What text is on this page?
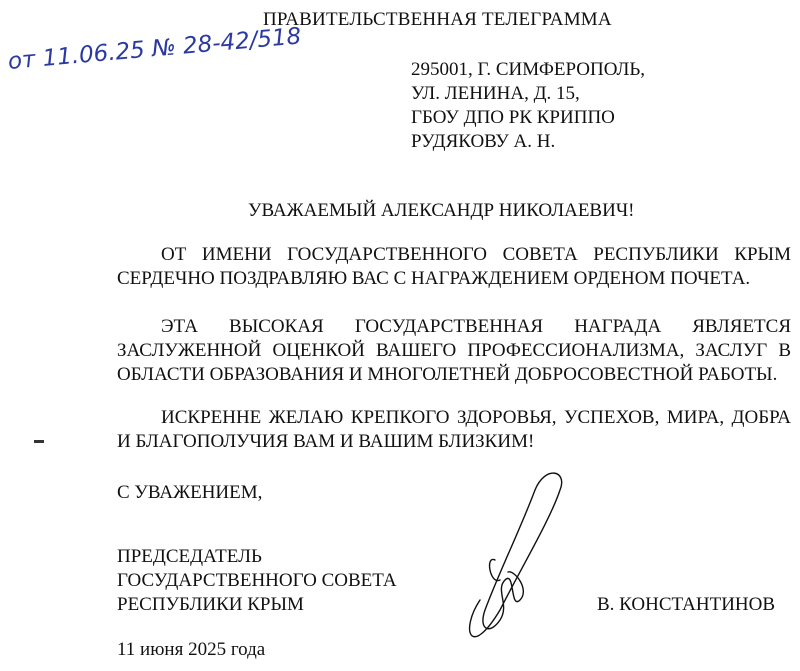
ПРАВИТЕЛЬСТВЕННАЯ ТЕЛЕГРАММА
от 11.06.25 № 28-42/518	295001, Г. СИМФЕРОПОЛЬ,
УЛ. ЛЕНИНА, Д. 15,
ГБОУ ДПО РК КРИППО
РУДЯКОВУ А. Н.
УВАЖАЕМЫЙ АЛЕКСАНДР НИКОЛАЕВИЧ!
ОТ ИМЕНИ ГОСУДАРСТВЕННОГО СОВЕТА РЕСПУБЛИКИ КРЫМ СЕРДЕЧНО ПОЗДРАВЛЯЮ ВАС С НАГРАЖДЕНИЕМ ОРДЕНОМ ПОЧЕТА.
ЭТА ВЫСОКАЯ ГОСУДАРСТВЕННАЯ НАГРАДА ЯВЛЯЕТСЯ ЗАСЛУЖЕННОЙ ОЦЕНКОЙ ВАШЕГО ПРОФЕССИОНАЛИЗМА, ЗАСЛУГ В ОБЛАСТИ ОБРАЗОВАНИЯ И МНОГОЛЕТНЕЙ ДОБРОСОВЕСТНОЙ РАБОТЫ.
ИСКРЕННЕ ЖЕЛАЮ КРЕПКОГО ЗДОРОВЬЯ, УСПЕХОВ, МИРА, ДОБРА И БЛАГОПОЛУЧИЯ ВАМ И ВАШИМ БЛИЗКИМ!
С УВАЖЕНИЕМ,
ПРЕДСЕДАТЕЛЬ
ГОСУДАРСТВЕННОГО СОВЕТА
РЕСПУБЛИКИ КРЫМ	В. КОНСТАНТИНОВ
11 июня 2025 года
